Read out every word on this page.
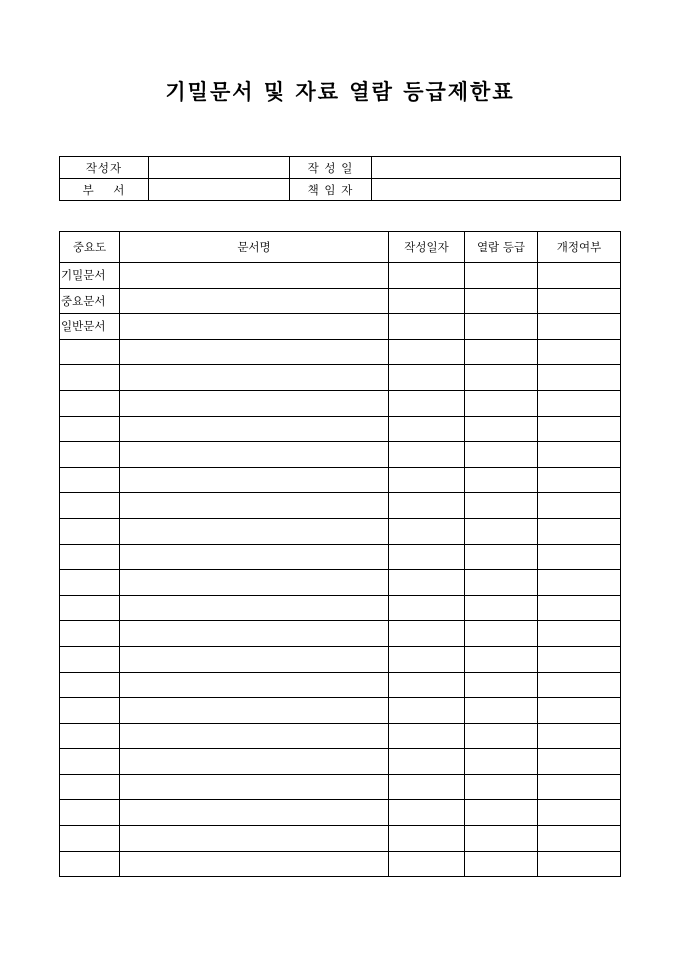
기밀문서 및 자료 열람 등급제한표
작성자		작 성 일	
부    서		책 임 자	
중요도	문서명	작성일자	열람 등급	개정여부
기밀문서				
중요문서				
일반문서				
